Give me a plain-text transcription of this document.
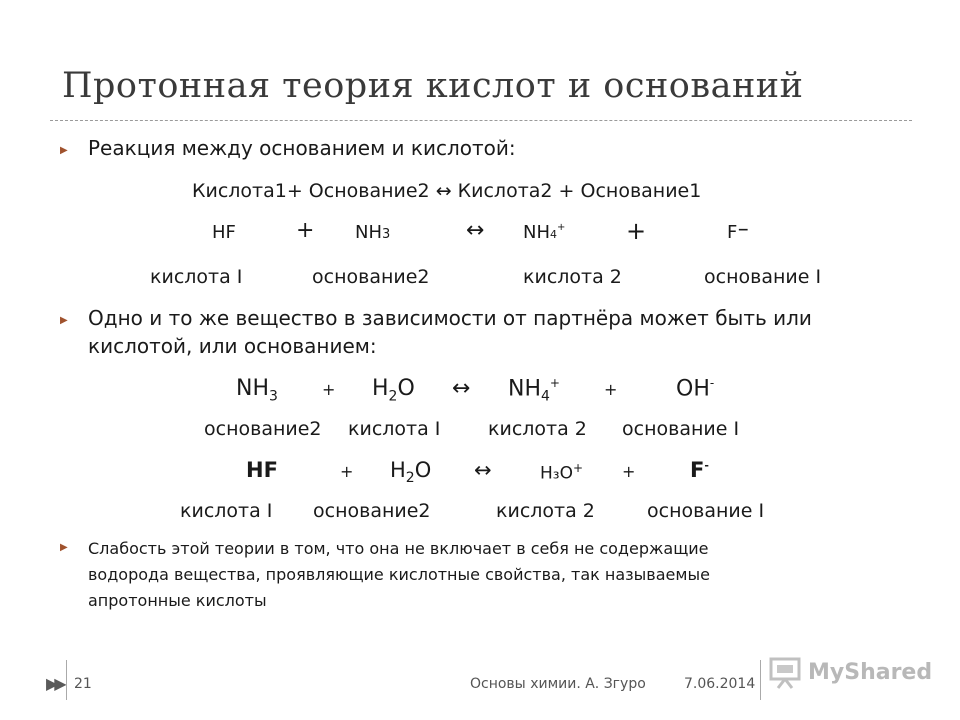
Протонная теория кислот и оснований
▶ Реакция между основанием и кислотой:
Кислота1+ Основание2 ↔ Кислота2 + Основание1
HF	+ NH3	↔ NH4+	+	F−
кислота I	основание2	кислота 2	основание I
▶ Одно и то же вещество в зависимости от партнёра может быть или
кислотой, или основанием:
$NH_3$	+ $H_2O$ ↔ $NH_4^+$	+	OH-
основание2 кислота I	кислота 2 основание I
HF	+ $H_2O$ ↔	H₃O+ +	F-
кислота I основание2	кислота 2	основание I
▶ Слабость этой теории в том, что она не включает в себя не содержащие
водорода вещества, проявляющие кислотные свойства, так называемые
апротонные кислоты
▶▶ 21	Основы химии. А. Згуро	7.06.2014 MyShared
